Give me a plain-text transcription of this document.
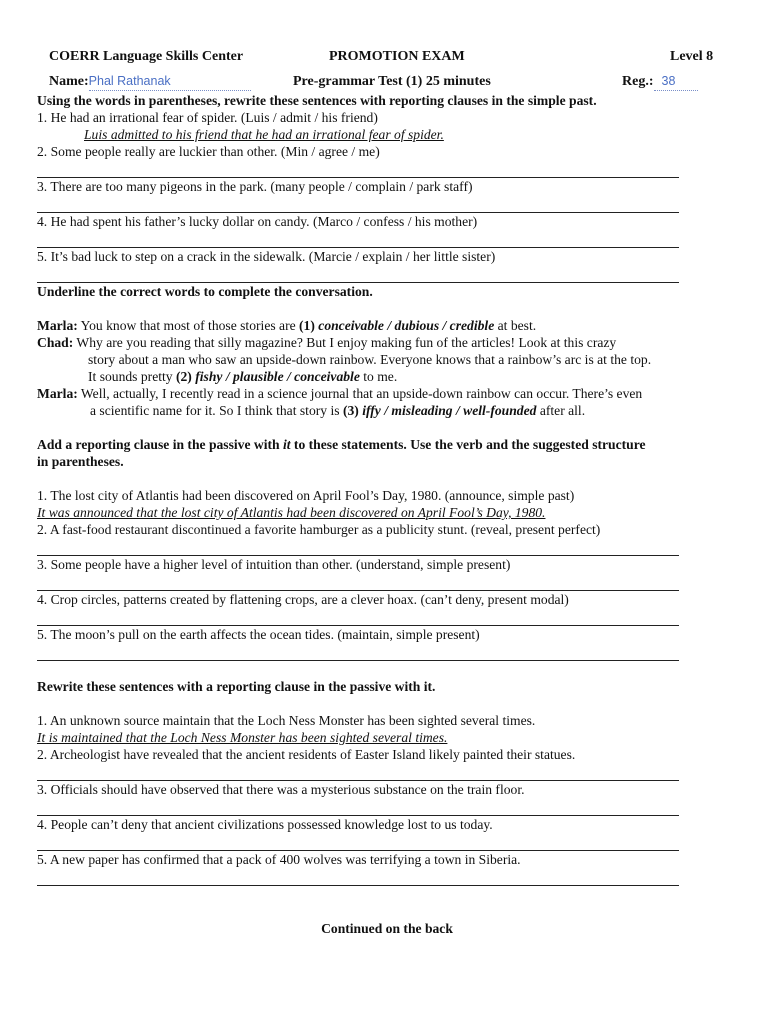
COERR Language Skills Center	PROMOTION EXAM	Level 8
Name:Phal Rathanak	Pre-grammar Test (1) 25 minutes	Reg.: 38
Using the words in parentheses, rewrite these sentences with reporting clauses in the simple past.
1. He had an irrational fear of spider. (Luis / admit / his friend)
Luis admitted to his friend that he had an irrational fear of spider.
2. Some people really are luckier than other. (Min / agree / me)
3. There are too many pigeons in the park. (many people / complain / park staff)
4. He had spent his father’s lucky dollar on candy. (Marco / confess / his mother)
5. It’s bad luck to step on a crack in the sidewalk. (Marcie / explain / her little sister)
Underline the correct words to complete the conversation.
Marla: You know that most of those stories are (1) conceivable / dubious / credible at best.
Chad: Why are you reading that silly magazine? But I enjoy making fun of the articles! Look at this crazy
story about a man who saw an upside-down rainbow. Everyone knows that a rainbow’s arc is at the top.
It sounds pretty (2) fishy / plausible / conceivable to me.
Marla: Well, actually, I recently read in a science journal that an upside-down rainbow can occur. There’s even
a scientific name for it. So I think that story is (3) iffy / misleading / well-founded after all.
Add a reporting clause in the passive with it to these statements. Use the verb and the suggested structure
in parentheses.
1. The lost city of Atlantis had been discovered on April Fool’s Day, 1980. (announce, simple past)
It was announced that the lost city of Atlantis had been discovered on April Fool’s Day, 1980.
2. A fast-food restaurant discontinued a favorite hamburger as a publicity stunt. (reveal, present perfect)
3. Some people have a higher level of intuition than other. (understand, simple present)
4. Crop circles, patterns created by flattening crops, are a clever hoax. (can’t deny, present modal)
5. The moon’s pull on the earth affects the ocean tides. (maintain, simple present)
Rewrite these sentences with a reporting clause in the passive with it.
1. An unknown source maintain that the Loch Ness Monster has been sighted several times.
It is maintained that the Loch Ness Monster has been sighted several times.
2. Archeologist have revealed that the ancient residents of Easter Island likely painted their statues.
3. Officials should have observed that there was a mysterious substance on the train floor.
4. People can’t deny that ancient civilizations possessed knowledge lost to us today.
5. A new paper has confirmed that a pack of 400 wolves was terrifying a town in Siberia.
Continued on the back
